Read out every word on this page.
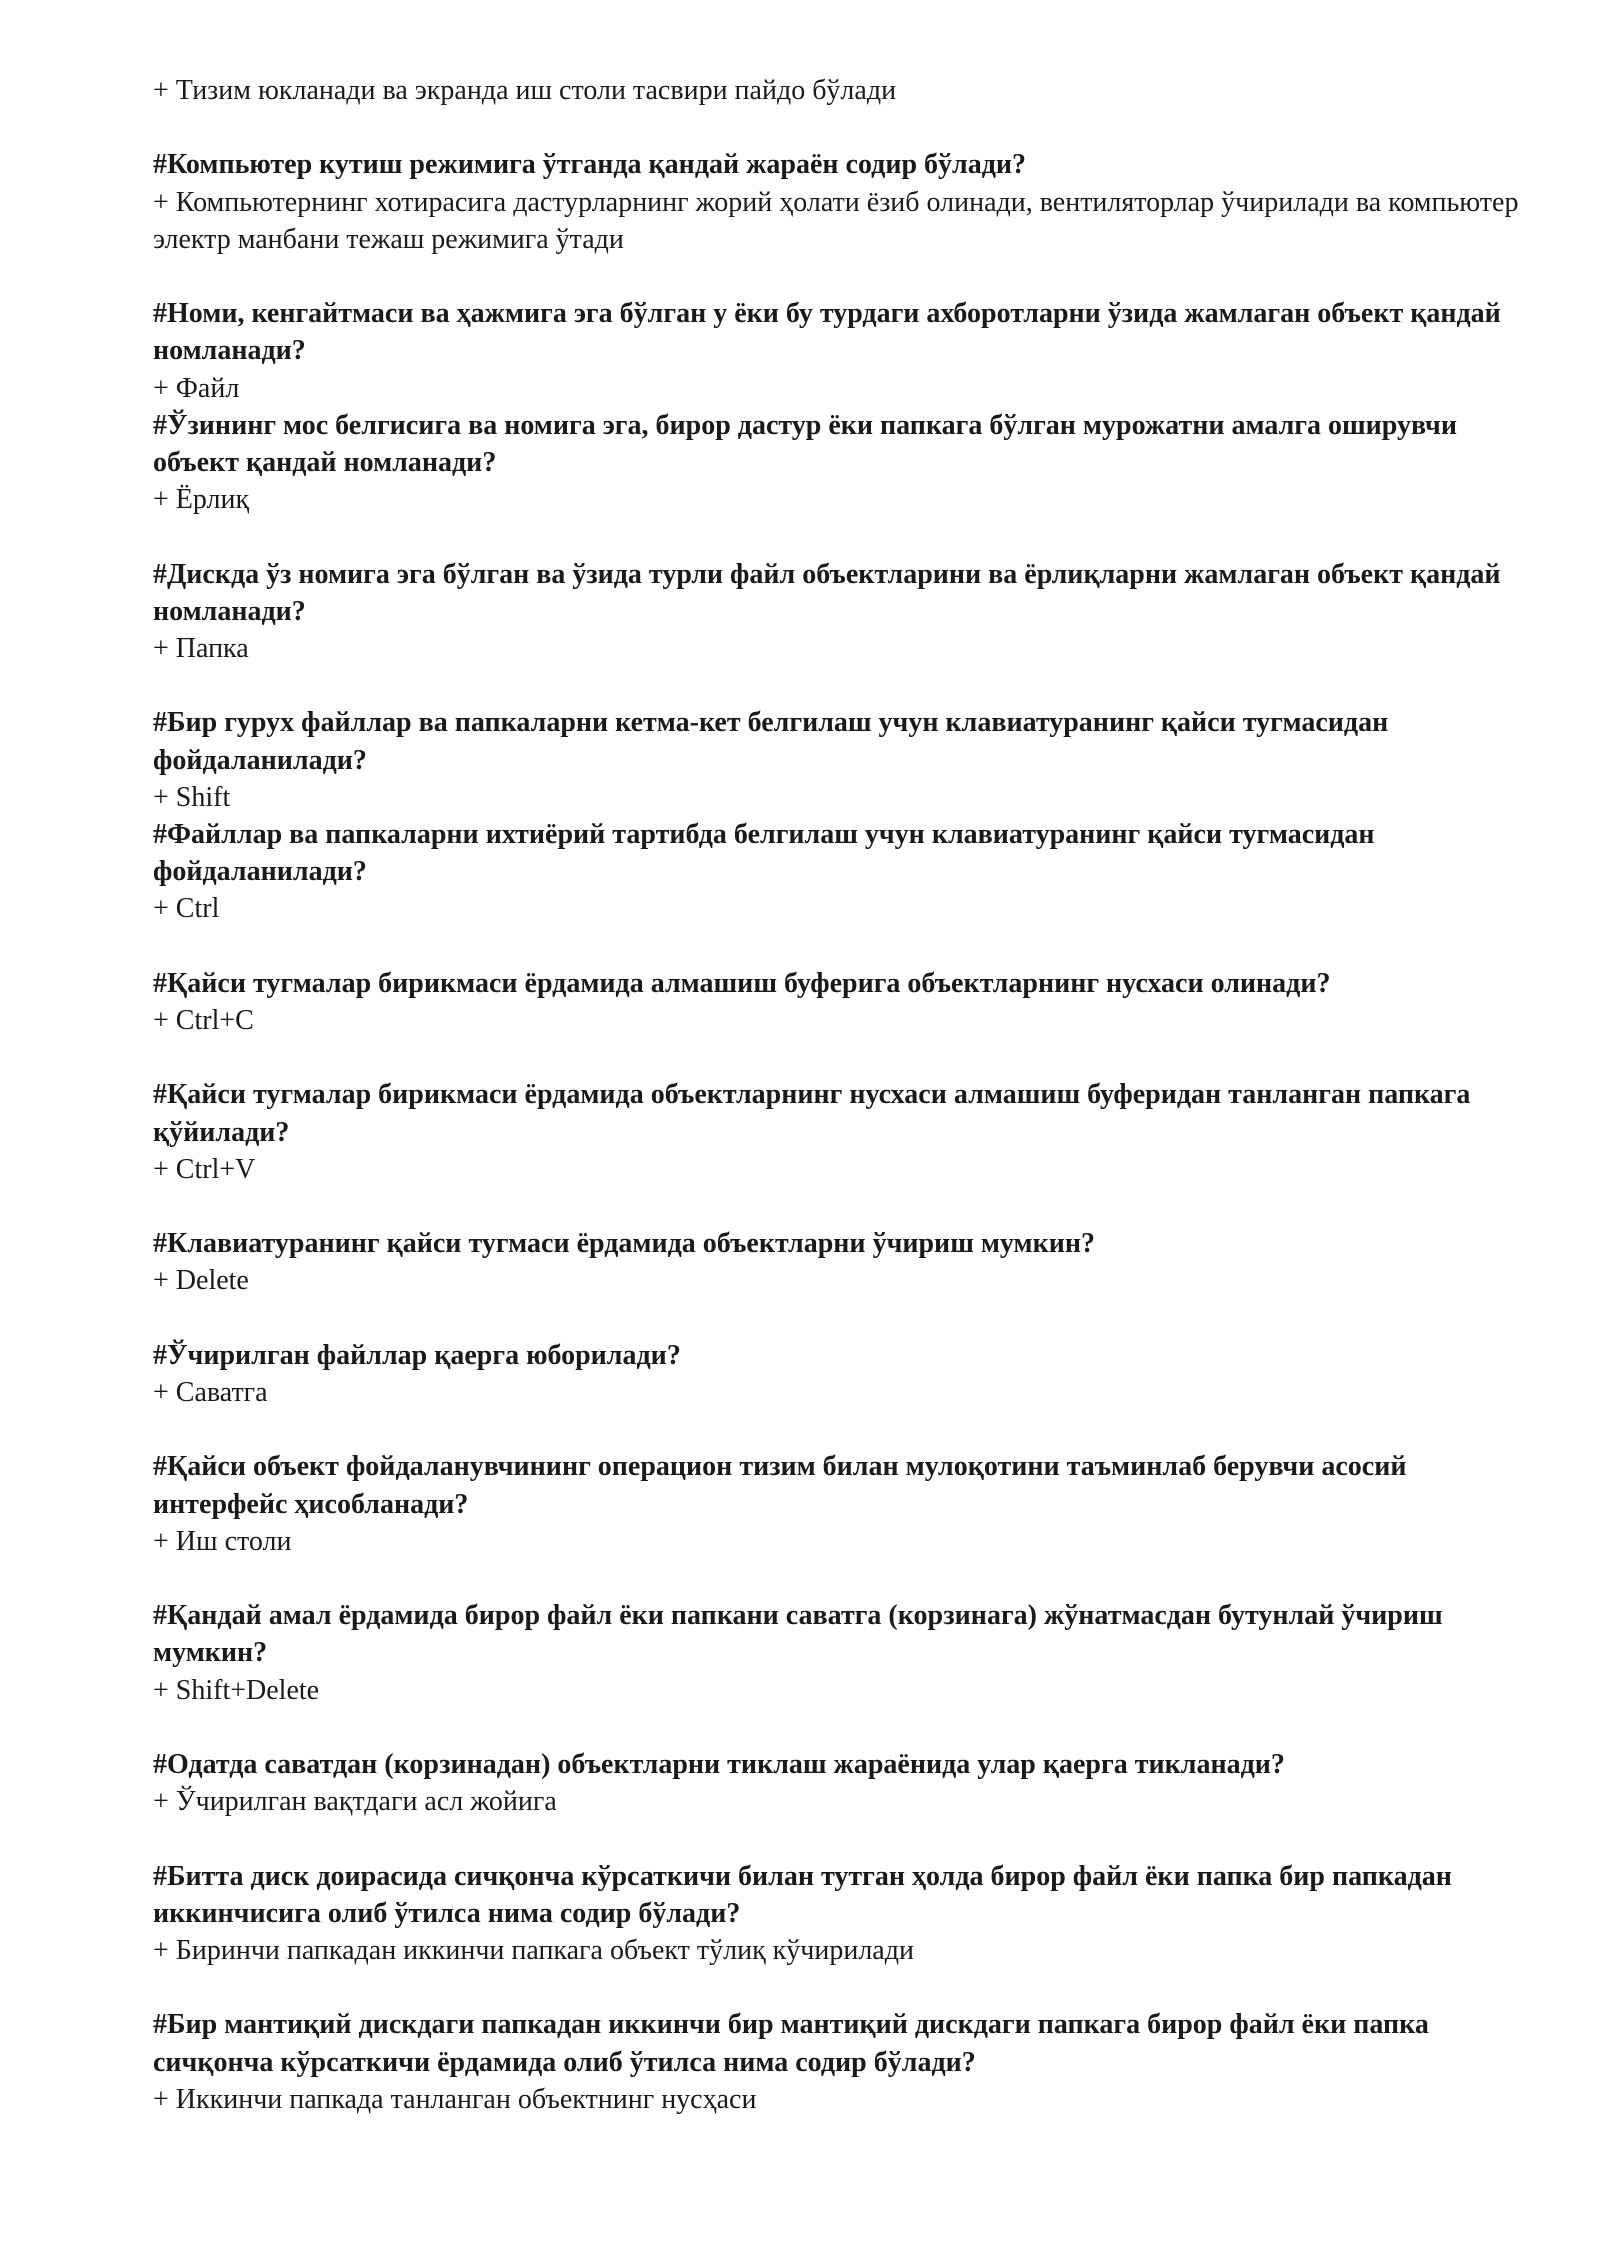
+ Тизим юкланади ва экранда иш столи тасвири пайдо бўлади

#Компьютер кутиш режимига ўтганда қандай жараён содир бўлади?

+ Компьютернинг хотирасига дастурларнинг жорий ҳолати ёзиб олинади, вентиляторлар ўчирилади ва компьютер электр манбани тежаш режимига ўтади

#Номи, кенгайтмаси ва ҳажмига эга бўлган у ёки бу турдаги ахборотларни ўзида жамлаган объект қандай номланади?

+ Файл

#Ўзининг мос белгисига ва номига эга, бирор дастур ёки папкага бўлган мурожатни амалга оширувчи объект қандай номланади?

+ Ёрлиқ

#Дискда ўз номига эга бўлган ва ўзида турли файл объектларини ва ёрлиқларни жамлаган объект қандай номланади?

+ Папка

#Бир гурух файллар ва папкаларни кетма-кет белгилаш учун клавиатуранинг қайси тугмасидан фойдаланилади?

+ Shift

#Файллар ва папкаларни ихтиёрий тартибда белгилаш учун клавиатуранинг қайси тугмасидан фойдаланилади?

+ Ctrl

#Қайси тугмалар бирикмаси ёрдамида алмашиш буферига объектларнинг нусхаси олинади?

+ Ctrl+C

#Қайси тугмалар бирикмаси ёрдамида объектларнинг нусхаси алмашиш буферидан танланган папкага қўйилади?

+ Ctrl+V

#Клавиатуранинг қайси тугмаси ёрдамида объектларни ўчириш мумкин?

+ Delete

#Ўчирилган файллар қаерга юборилади?

+ Саватга

#Қайси объект фойдаланувчининг операцион тизим билан мулоқотини таъминлаб берувчи асосий интерфейс ҳисобланади?

+ Иш столи

#Қандай амал ёрдамида бирор файл ёки папкани саватга (корзинага) жўнатмасдан бутунлай ўчириш мумкин?

+ Shift+Delete

#Одатда саватдан (корзинадан) объектларни тиклаш жараёнида улар қаерга тикланади?

+ Ўчирилган вақтдаги асл жойига

#Битта диск доирасида сичқонча кўрсаткичи билан тутган ҳолда бирор файл ёки папка бир папкадан иккинчисига олиб ўтилса нима содир бўлади?

+ Биринчи папкадан иккинчи папкага объект тўлиқ кўчирилади

#Бир мантиқий дискдаги папкадан иккинчи бир мантиқий дискдаги папкага бирор файл ёки папка сичқонча кўрсаткичи ёрдамида олиб ўтилса нима содир бўлади?

+ Иккинчи папкада танланган объектнинг нусҳаси
